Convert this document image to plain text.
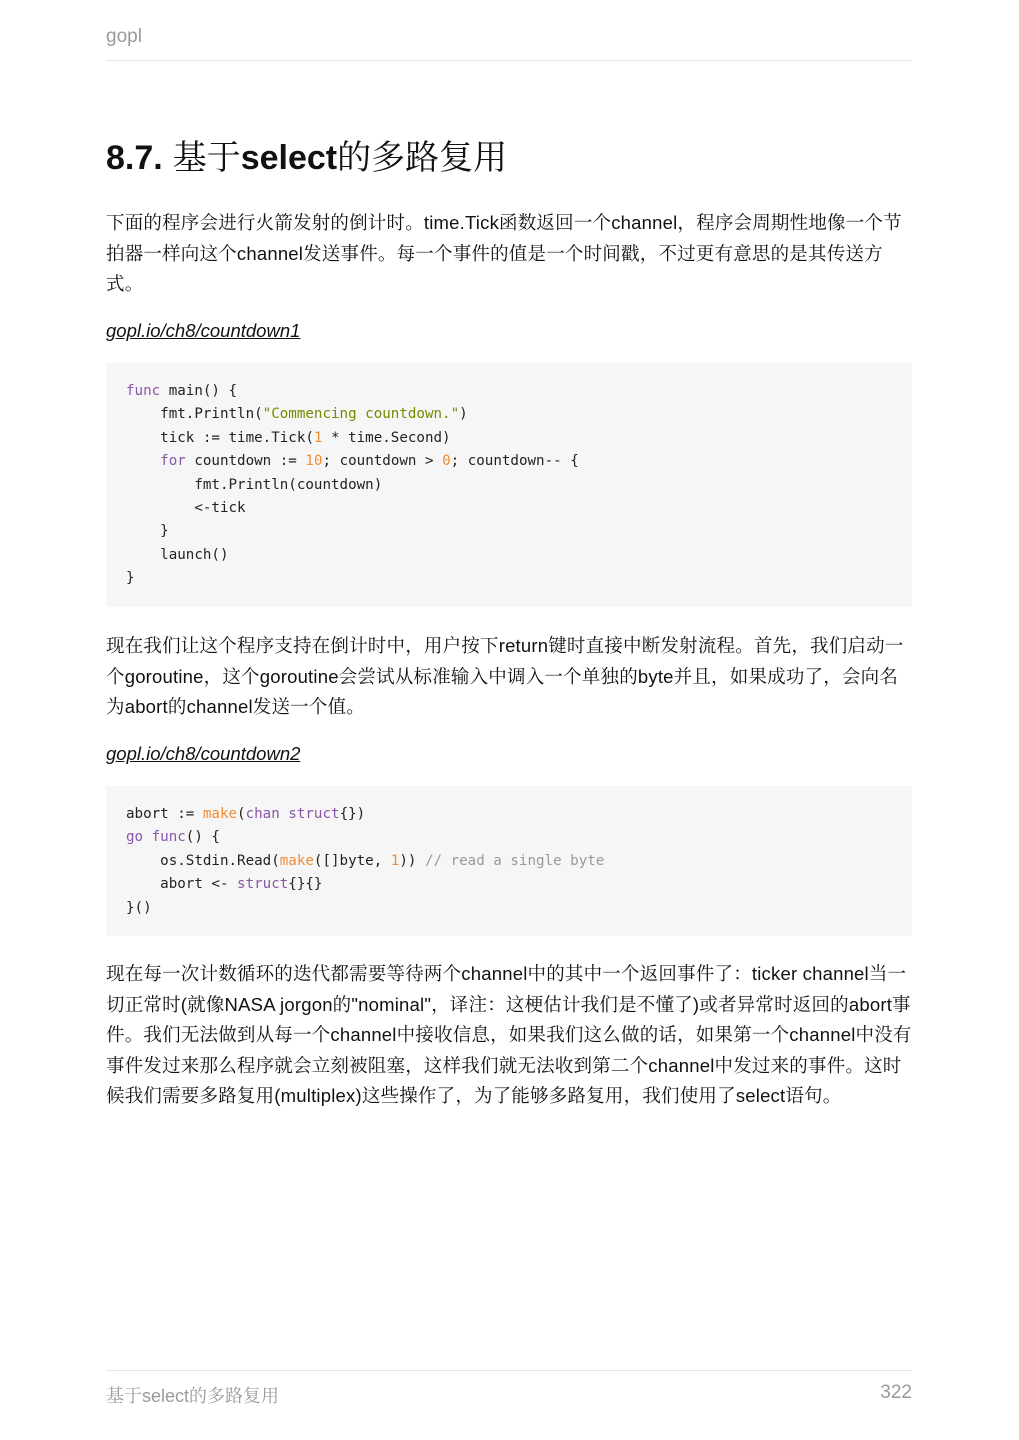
gopl
8.7. 基于select的多路复用

下面的程序会进行火箭发射的倒计时。time.Tick函数返回一个channel，程序会周期性地像一个节拍器一样向这个channel发送事件。每一个事件的值是一个时间戳，不过更有意思的是其传送方式。

gopl.io/ch8/countdown1
func main() {
fmt.Println("Commencing countdown.")
tick := time.Tick(1 * time.Second)
for countdown := 10; countdown > 0; countdown-- {
fmt.Println(countdown)
<-tick
}
launch()
}

现在我们让这个程序支持在倒计时中，用户按下return键时直接中断发射流程。首先，我们启动一个goroutine，这个goroutine会尝试从标准输入中调入一个单独的byte并且，如果成功了，会向名为abort的channel发送一个值。

gopl.io/ch8/countdown2
abort := make(chan struct{})
go func() {
os.Stdin.Read(make([]byte, 1)) // read a single byte
abort <- struct{}{}
}()

现在每一次计数循环的迭代都需要等待两个channel中的其中一个返回事件了：ticker channel当一切正常时(就像NASA jorgon的"nominal"，译注：这梗估计我们是不懂了)或者异常时返回的abort事件。我们无法做到从每一个channel中接收信息，如果我们这么做的话，如果第一个channel中没有事件发过来那么程序就会立刻被阻塞，这样我们就无法收到第二个channel中发过来的事件。这时候我们需要多路复用(multiplex)这些操作了，为了能够多路复用，我们使用了select语句。

基于select的多路复用	322
